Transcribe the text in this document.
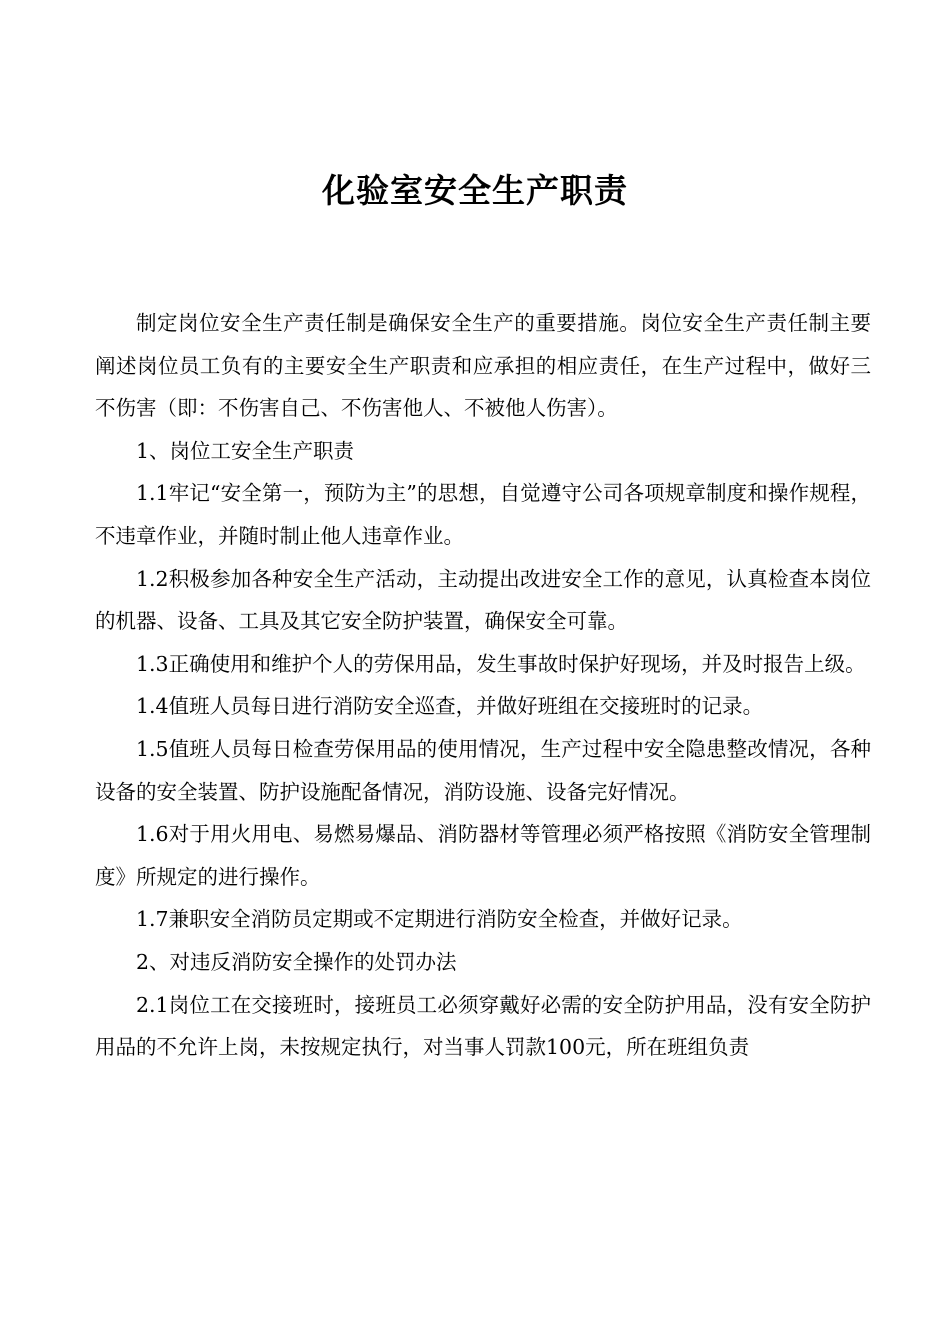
化验室安全生产职责

制定岗位安全生产责任制是确保安全生产的重要措施。岗位安全生产责任制主要阐述岗位员工负有的主要安全生产职责和应承担的相应责任，在生产过程中，做好三不伤害（即：不伤害自己、不伤害他人、不被他人伤害）。

1、岗位工安全生产职责

1.1牢记“安全第一，预防为主”的思想，自觉遵守公司各项规章制度和操作规程，不违章作业，并随时制止他人违章作业。

1.2积极参加各种安全生产活动，主动提出改进安全工作的意见，认真检查本岗位的机器、设备、工具及其它安全防护装置，确保安全可靠。

1.3正确使用和维护个人的劳保用品，发生事故时保护好现场，并及时报告上级。

1.4值班人员每日进行消防安全巡查，并做好班组在交接班时的记录。

1.5值班人员每日检查劳保用品的使用情况，生产过程中安全隐患整改情况，各种设备的安全装置、防护设施配备情况，消防设施、设备完好情况。

1.6对于用火用电、易燃易爆品、消防器材等管理必须严格按照《消防安全管理制度》所规定的进行操作。

1.7兼职安全消防员定期或不定期进行消防安全检查，并做好记录。

2、对违反消防安全操作的处罚办法

2.1岗位工在交接班时，接班员工必须穿戴好必需的安全防护用品，没有安全防护用品的不允许上岗，未按规定执行，对当事人罚款100元，所在班组负责
